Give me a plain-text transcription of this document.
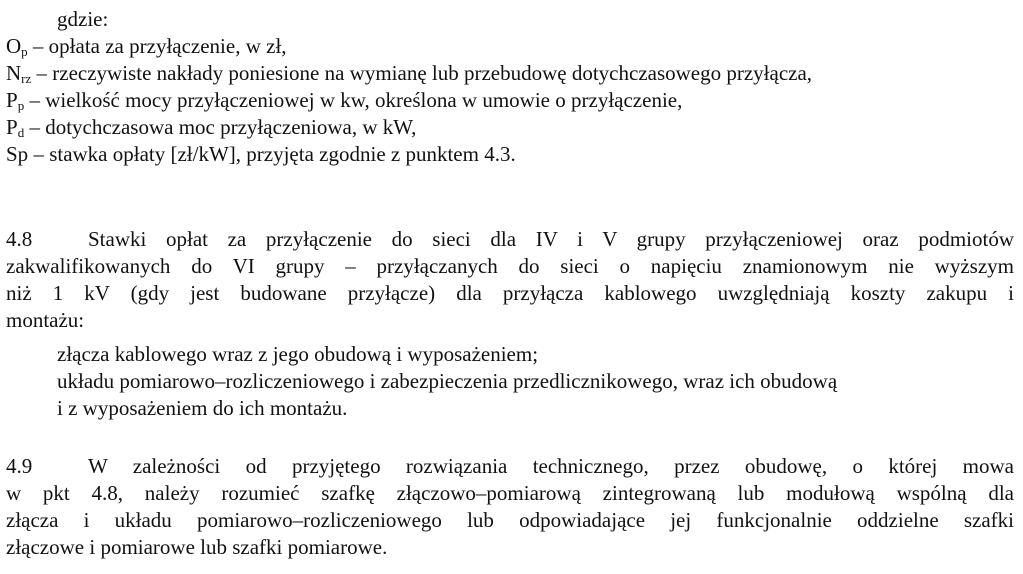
gdzie:
$O_p$ – opłata za przyłączenie, w zł,
$N_{rz}$ – rzeczywiste nakłady poniesione na wymianę lub przebudowę dotychczasowego przyłącza,
$P_p$ – wielkość mocy przyłączeniowej w kw, określona w umowie o przyłączenie,
$P_d$ – dotychczasowa moc przyłączeniowa, w kW,
Sp – stawka opłaty [zł/kW], przyjęta zgodnie z punktem 4.3.
4.8	Stawki opłat za przyłączenie do sieci dla IV i V grupy przyłączeniowej oraz podmiotów
zakwalifikowanych do VI grupy – przyłączanych do sieci o napięciu znamionowym nie wyższym
niż 1 kV (gdy jest budowane przyłącze) dla przyłącza kablowego uwzględniają koszty zakupu i
montażu:
złącza kablowego wraz z jego obudową i wyposażeniem;
układu pomiarowo–rozliczeniowego i zabezpieczenia przedlicznikowego, wraz ich obudową
i z wyposażeniem do ich montażu.
4.9	W zależności od przyjętego rozwiązania technicznego, przez obudowę, o której mowa
w pkt 4.8, należy rozumieć szafkę złączowo–pomiarową zintegrowaną lub modułową wspólną dla
złącza i układu pomiarowo–rozliczeniowego lub odpowiadające jej funkcjonalnie oddzielne szafki
złączowe i pomiarowe lub szafki pomiarowe.
